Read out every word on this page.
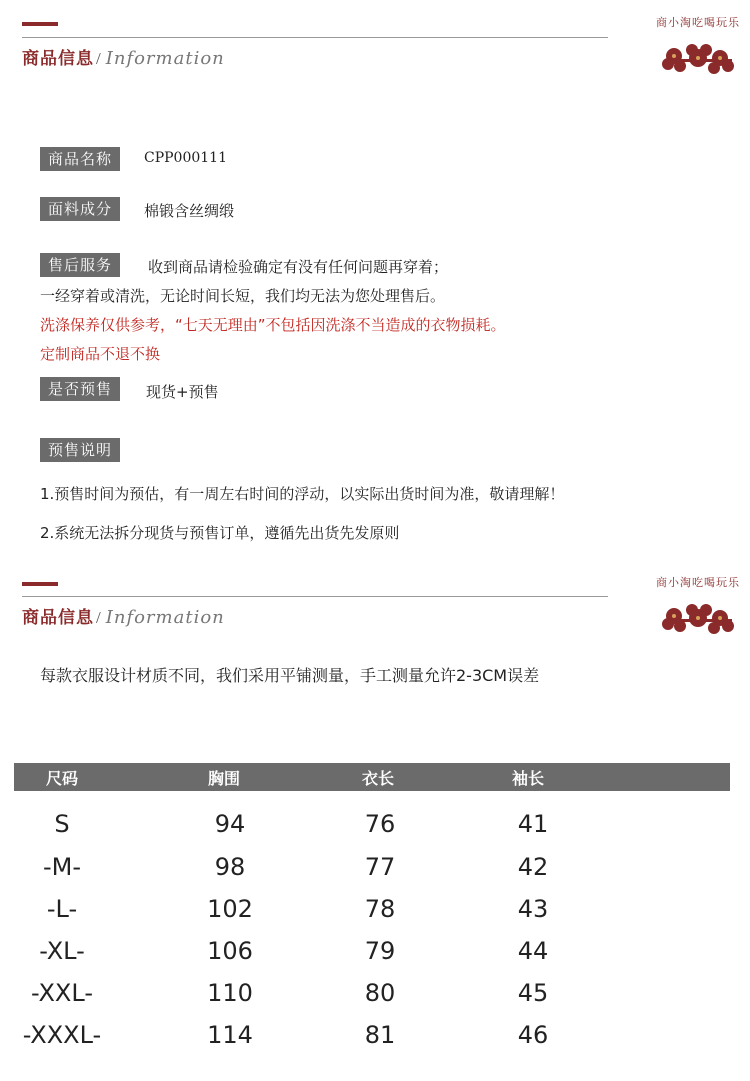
商品信息 / Information
商小淘吃喝玩乐
商品名称	CPP000111
面料成分	棉锻含丝绸缎
售后服务	收到商品请检验确定有没有任何问题再穿着；
一经穿着或清洗，无论时间长短，我们均无法为您处理售后。
洗涤保养仅供参考，“七天无理由”不包括因洗涤不当造成的衣物损耗。
定制商品不退不换
是否预售	现货+预售
预售说明
1.预售时间为预估，有一周左右时间的浮动，以实际出货时间为准，敬请理解！
2.系统无法拆分现货与预售订单，遵循先出货先发原则
商品信息 / Information
商小淘吃喝玩乐
每款衣服设计材质不同，我们采用平铺测量，手工测量允许2-3CM误差
尺码	胸围	衣长	袖长
S	94	76	41
-M-	98	77	42
-L-	102	78	43
-XL-	106	79	44
-XXL-	110	80	45
-XXXL-	114	81	46
